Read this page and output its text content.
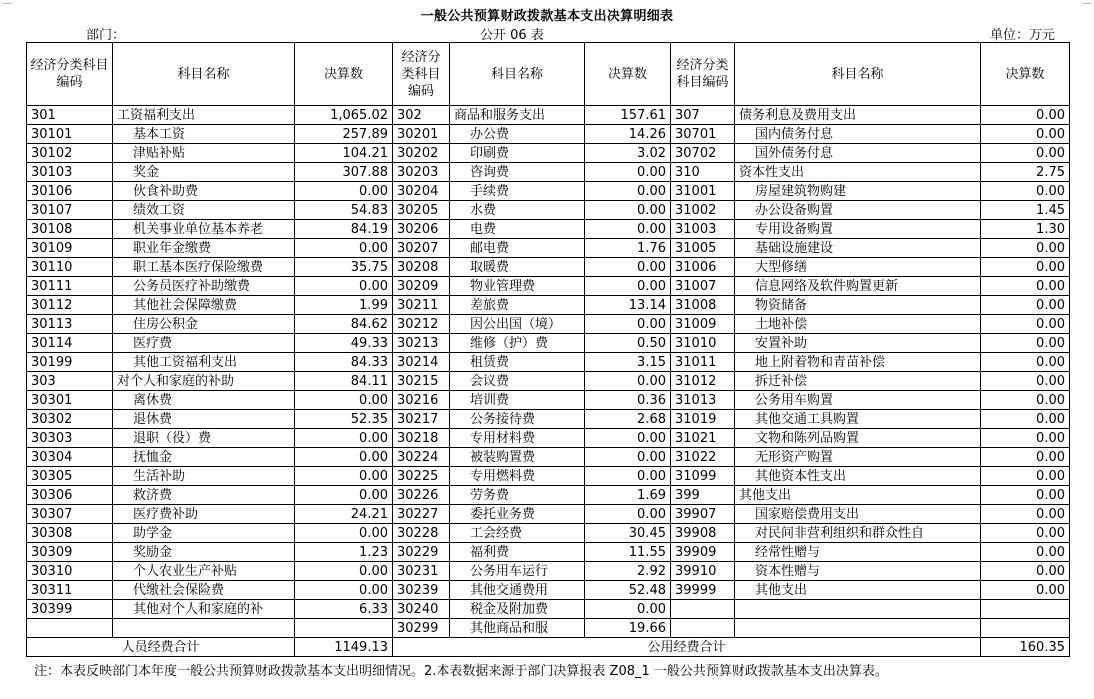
一般公共预算财政拨款基本支出决算明细表
部门：	公开 06 表	单位：万元
经济分类科目编码	科目名称	决算数	经济分类科目编码	科目名称	决算数	经济分类科目编码	科目名称	决算数
301	工资福利支出	1,065.02	302	商品和服务支出	157.61	307	债务利息及费用支出	0.00
30101	基本工资	257.89	30201	办公费	14.26	30701	国内债务付息	0.00
30102	津贴补贴	104.21	30202	印刷费	3.02	30702	国外债务付息	0.00
30103	奖金	307.88	30203	咨询费	0.00	310	资本性支出	2.75
30106	伙食补助费	0.00	30204	手续费	0.00	31001	房屋建筑物购建	0.00
30107	绩效工资	54.83	30205	水费	0.00	31002	办公设备购置	1.45
30108	机关事业单位基本养老	84.19	30206	电费	0.00	31003	专用设备购置	1.30
30109	职业年金缴费	0.00	30207	邮电费	1.76	31005	基础设施建设	0.00
30110	职工基本医疗保险缴费	35.75	30208	取暖费	0.00	31006	大型修缮	0.00
30111	公务员医疗补助缴费	0.00	30209	物业管理费	0.00	31007	信息网络及软件购置更新	0.00
30112	其他社会保障缴费	1.99	30211	差旅费	13.14	31008	物资储备	0.00
30113	住房公积金	84.62	30212	因公出国（境）	0.00	31009	土地补偿	0.00
30114	医疗费	49.33	30213	维修（护）费	0.50	31010	安置补助	0.00
30199	其他工资福利支出	84.33	30214	租赁费	3.15	31011	地上附着物和青苗补偿	0.00
303	对个人和家庭的补助	84.11	30215	会议费	0.00	31012	拆迁补偿	0.00
30301	离休费	0.00	30216	培训费	0.36	31013	公务用车购置	0.00
30302	退休费	52.35	30217	公务接待费	2.68	31019	其他交通工具购置	0.00
30303	退职（役）费	0.00	30218	专用材料费	0.00	31021	文物和陈列品购置	0.00
30304	抚恤金	0.00	30224	被装购置费	0.00	31022	无形资产购置	0.00
30305	生活补助	0.00	30225	专用燃料费	0.00	31099	其他资本性支出	0.00
30306	救济费	0.00	30226	劳务费	1.69	399	其他支出	0.00
30307	医疗费补助	24.21	30227	委托业务费	0.00	39907	国家赔偿费用支出	0.00
30308	助学金	0.00	30228	工会经费	30.45	39908	对民间非营利组织和群众性自	0.00
30309	奖励金	1.23	30229	福利费	11.55	39909	经常性赠与	0.00
30310	个人农业生产补贴	0.00	30231	公务用车运行	2.92	39910	资本性赠与	0.00
30311	代缴社会保险费	0.00	30239	其他交通费用	52.48	39999	其他支出	0.00
30399	其他对个人和家庭的补	6.33	30240	税金及附加费	0.00			
			30299	其他商品和服	19.66			
人员经费合计		1149.13	公用经费合计					160.35
注：本表反映部门本年度一般公共预算财政拨款基本支出明细情况。2.本表数据来源于部门决算报表 Z08_1 一般公共预算财政拨款基本支出决算表。
